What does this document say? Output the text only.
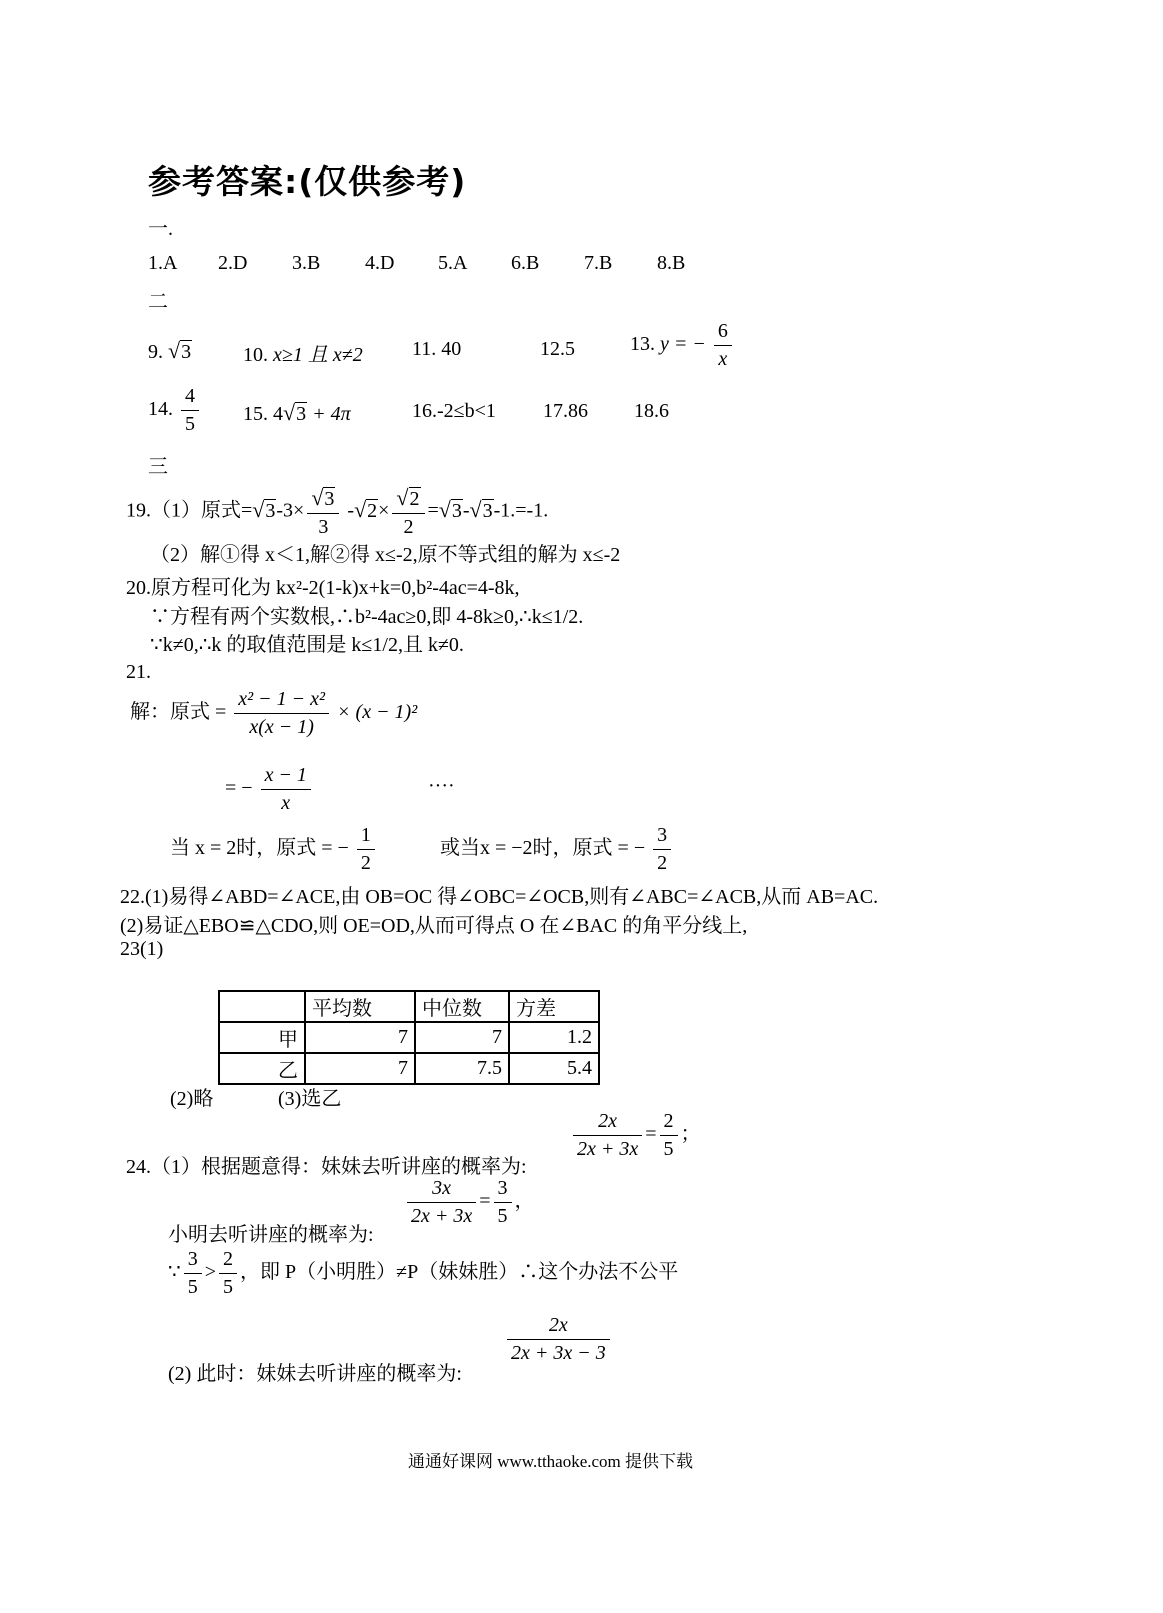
参考答案:(仅供参考)
一.
1.A 2.D 3.B 4.D 5.A 6.B 7.B 8.B
二
9. √3	10. x≥1 且 x≠2 11. 40	12.5	13. y = − $\frac{6}{x}$
14. $\frac{4}{5} 15$. 4√3 + 4π	16.-2≤b<1 17.86 18.6
三
19.（1）原式$=√3-3\times \frac{√3}{3} -√2\times \frac{√2}{2} =√3-√3-1.=-1$.
（2）解①得 x＜1,解②得 x≤-2,原不等式组的解为 x≤-2
20.原方程可化为 kx²-2(1-k)x+k=0,b²-4ac=4-8k,
∵方程有两个实数根,∴b²-4ac≥0,即 4-8k≥0,∴k≤1/2.
∵k≠0,∴k 的取值范围是 k≤1/2,且 k≠0.
21.
解：原式 = $\frac{\text{x² − 1 − x²}}{x(x - 1)} \times (x - 1)^2$
= − $\frac{x - 1}{x}$	····
当 x = 2时，原式 = − $\frac{1}{2}$	或当x = −2时，原式 = − $\frac{3}{2}$
22.(1)易得∠ABD=∠ACE,由 OB=OC 得∠OBC=∠OCB,则有∠ABC=∠ACB,从而 AB=AC.
(2)易证△EBO≌△CDO,则 OE=OD,从而可得点 O 在∠BAC 的角平分线上,
23(1)
	平均数	中位数	方差
甲	7	7	1.2
乙	7	7.5	5.4
(2)略	(3)选乙
24.（1）根据题意得：妹妹去听讲座的概率为:
$\frac{2x}{2x + 3x} = \frac{2}{5}$ ；
小明去听讲座的概率为:
$\frac{3x}{2x + 3x} = \frac{3}{5}$ ，
∵ $\frac{3}{5} > \frac{2}{5}$ ，即 P（小明胜）≠P（妹妹胜）∴这个办法不公平
(2) 此时：妹妹去听讲座的概率为:
$\frac{2x}{2x + 3x - 3}$
通通好课网 www.tthaoke.com 提供下载
